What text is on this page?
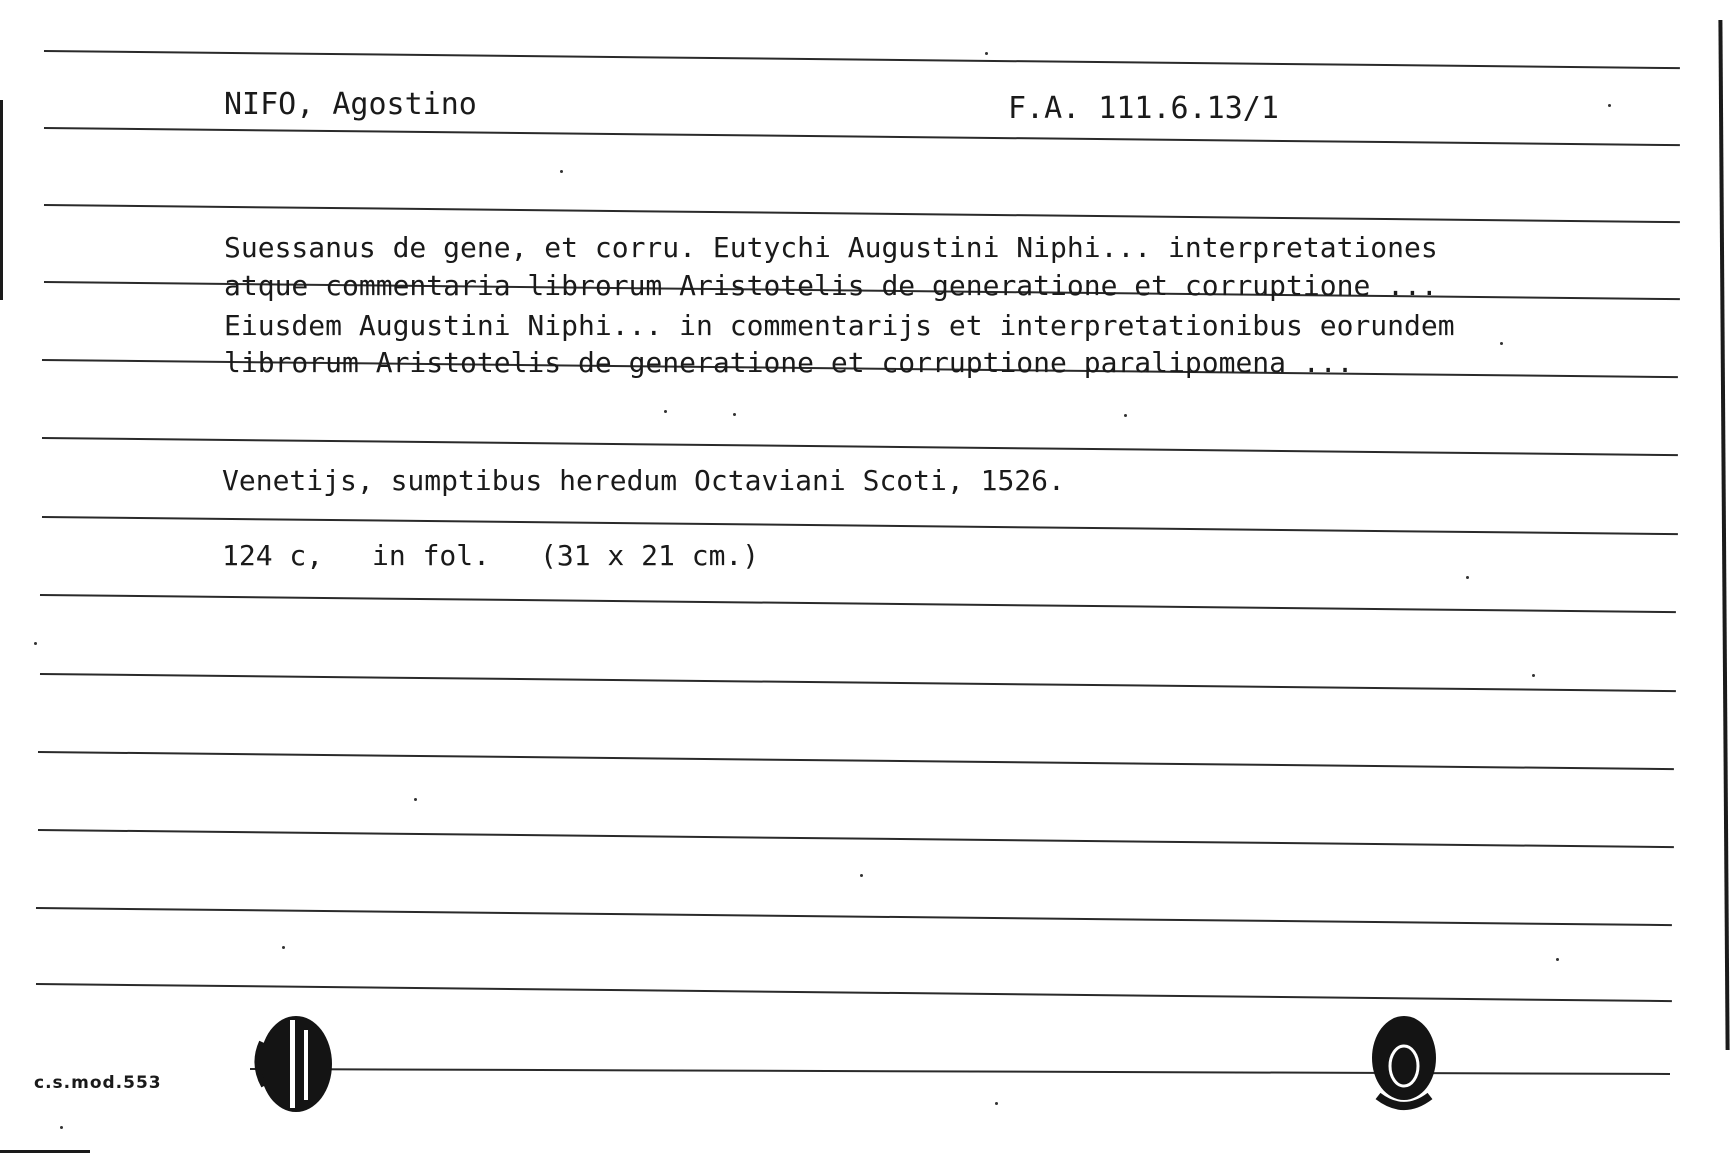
NIFO, Agostino	F.A. 111.6.13/1
Suessanus de gene, et corru. Eutychi Augustini Niphi... interpretationes
atque commentaria librorum Aristotelis de generatione et corruptione ...
Eiusdem Augustini Niphi... in commentarijs et interpretationibus eorundem
librorum Aristotelis de generatione et corruptione paralipomena ...
Venetijs, sumptibus heredum Octaviani Scoti, 1526.
124 c, in fol. (31 x 21 cm.)
c.s.mod.553
